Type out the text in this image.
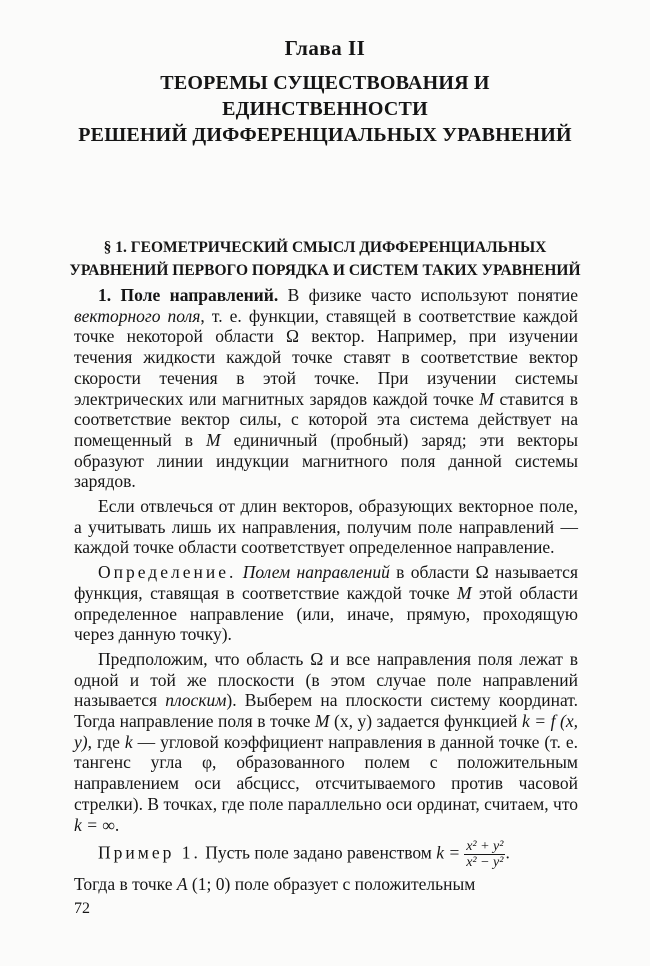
Глава II
ТЕОРЕМЫ СУЩЕСТВОВАНИЯ И ЕДИНСТВЕННОСТИ
РЕШЕНИЙ ДИФФЕРЕНЦИАЛЬНЫХ УРАВНЕНИЙ
§ 1. ГЕОМЕТРИЧЕСКИЙ СМЫСЛ ДИФФЕРЕНЦИАЛЬНЫХ
УРАВНЕНИЙ ПЕРВОГО ПОРЯДКА И СИСТЕМ ТАКИХ УРАВНЕНИЙ

1. Поле направлений. В физике часто используют понятие векторного поля, т. е. функции, ставящей в соответствие каждой точке некоторой области Ω вектор. Например, при изучении течения жидкости каждой точке ставят в соответствие вектор скорости течения в этой точке. При изучении системы электрических или магнитных зарядов каждой точке M ставится в соответствие вектор силы, с которой эта система действует на помещенный в M единичный (пробный) заряд; эти векторы образуют линии индукции магнитного поля данной системы зарядов.

Если отвлечься от длин векторов, образующих векторное поле, а учитывать лишь их направления, получим поле направлений — каждой точке области соответствует определенное направление.

Определение. Полем направлений в области Ω называется функция, ставящая в соответствие каждой точке M этой области определенное направление (или, иначе, прямую, проходящую через данную точку).

Предположим, что область Ω и все направления поля лежат в одной и той же плоскости (в этом случае поле направлений называется плоским). Выберем на плоскости систему координат. Тогда направление поля в точке M (x, y) задается функцией k = f (x, y), где k — угловой коэффициент направления в данной точке (т. е. тангенс угла φ, образованного полем с положительным направлением оси абсцисс, отсчитываемого против часовой стрелки). В точках, где поле параллельно оси ординат, считаем, что k = ∞.

Пример 1. Пусть поле задано равенством $k = \frac{\text{x² + y²}}{\text{x² − y²}}$ .

Тогда в точке A (1; 0) поле образует с положительным

72
